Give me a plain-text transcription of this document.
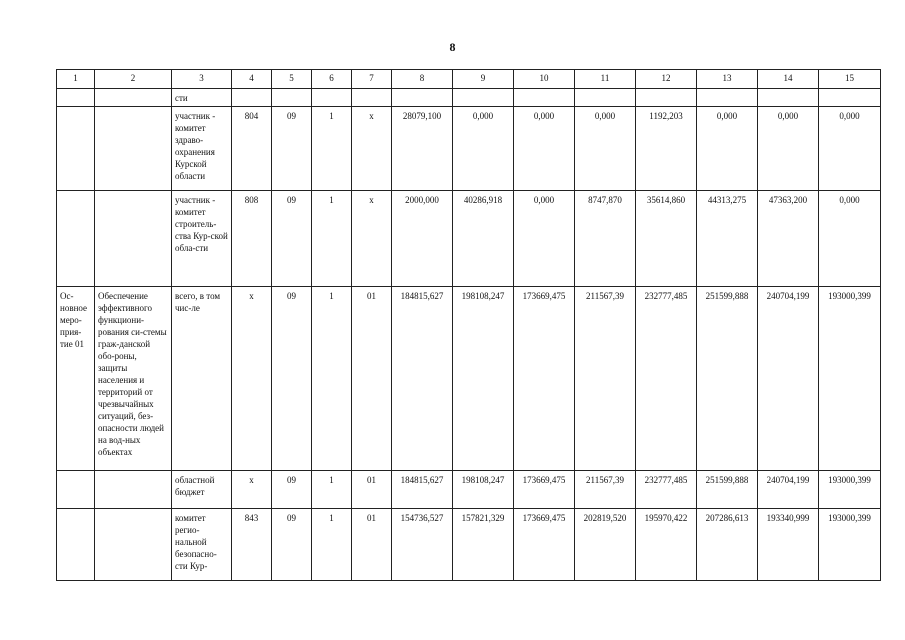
8
1	2	3	4	5	6	7	8	9	10	11	12	13	14	15
		сти												
		участник - комитет здраво-охранения Курской области	804	09	1	х	28079,100	0,000	0,000	0,000	1192,203	0,000	0,000	0,000
		участник - комитет строитель-ства Кур-ской обла-сти	808	09	1	х	2000,000	40286,918	0,000	8747,870	35614,860	44313,275	47363,200	0,000
Ос-новное меро-прия-тие 01	Обеспечение эффективного функциони-рования си-стемы граж-данской обо-роны, защиты населения и территорий от чрезвычайных ситуаций, без-опасности людей на вод-ных объектах	всего, в том чис-ле	х	09	1	01	184815,627	198108,247	173669,475	211567,39	232777,485	251599,888	240704,199	193000,399
		областной бюджет	х	09	1	01	184815,627	198108,247	173669,475	211567,39	232777,485	251599,888	240704,199	193000,399
		комитет регио-нальной безопасно-сти Кур-	843	09	1	01	154736,527	157821,329	173669,475	202819,520	195970,422	207286,613	193340,999	193000,399
